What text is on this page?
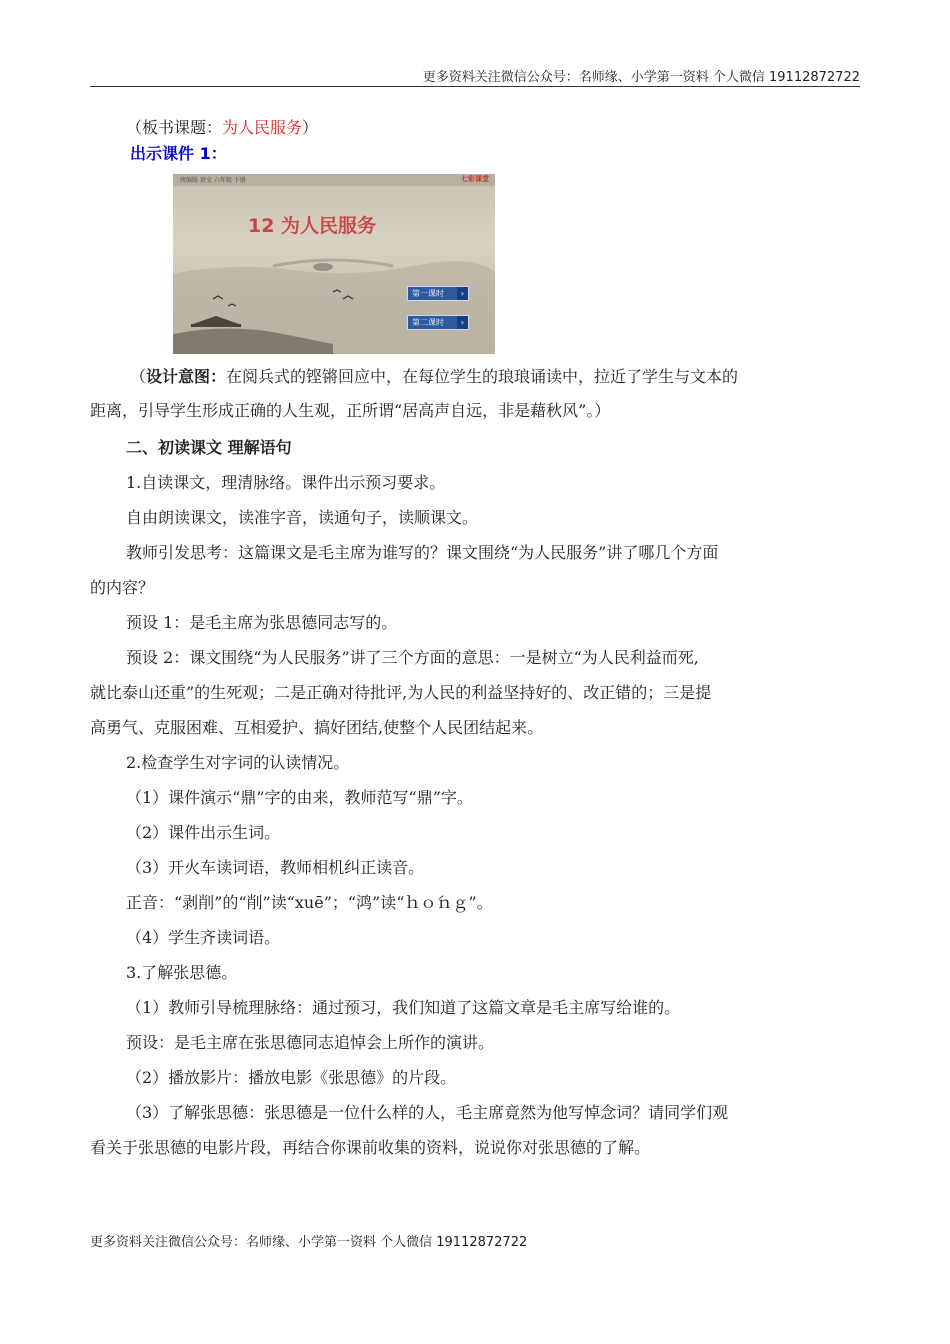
更多资料关注微信公众号：名师缘、小学第一资料 个人微信 19112872722
（板书课题：为人民服务）
出示课件 1：
统编版 语文 六年级 下册	七彩课堂
12 为人民服务
第一课时	›
第二课时	›
（设计意图：在阅兵式的铿锵回应中，在每位学生的琅琅诵读中，拉近了学生与文本的
距离，引导学生形成正确的人生观，正所谓“居高声自远，非是藉秋风”。）
二、初读课文 理解语句
1.自读课文，理清脉络。课件出示预习要求。
自由朗读课文，读准字音，读通句子，读顺课文。
教师引发思考：这篇课文是毛主席为谁写的？课文围绕“为人民服务”讲了哪几个方面
的内容？
预设 1：是毛主席为张思德同志写的。
预设 2：课文围绕“为人民服务”讲了三个方面的意思：一是树立“为人民利益而死,
就比泰山还重”的生死观；二是正确对待批评,为人民的利益坚持好的、改正错的；三是提
高勇气、克服困难、互相爱护、搞好团结,使整个人民团结起来。
2.检查学生对字词的认读情况。
（1）课件演示“鼎”字的由来，教师范写“鼎”字。
（2）课件出示生词。
（3）开火车读词语，教师相机纠正读音。
正音：“剥削”的“削”读“xuē”；“鸿”读“ｈｏ́ｎｇ”。
（4）学生齐读词语。
3.了解张思德。
（1）教师引导梳理脉络：通过预习，我们知道了这篇文章是毛主席写给谁的。
预设：是毛主席在张思德同志追悼会上所作的演讲。
（2）播放影片：播放电影《张思德》的片段。
（3）了解张思德：张思德是一位什么样的人，毛主席竟然为他写悼念词？请同学们观
看关于张思德的电影片段，再结合你课前收集的资料，说说你对张思德的了解。
更多资料关注微信公众号：名师缘、小学第一资料 个人微信 19112872722
